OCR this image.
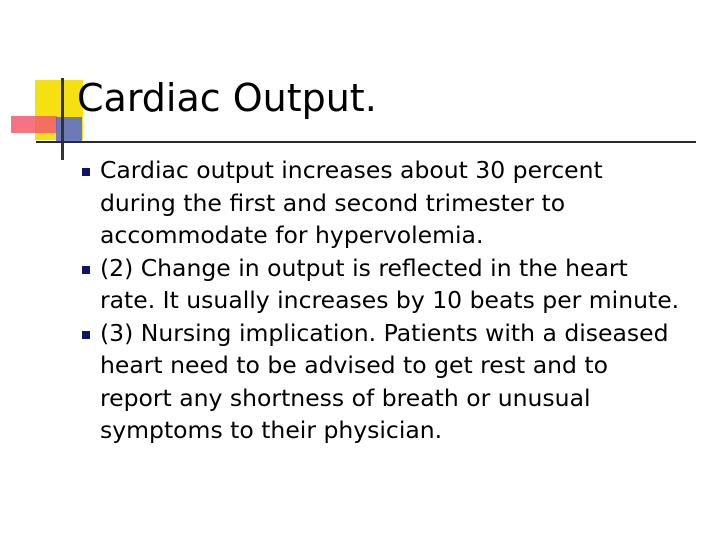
Cardiac Output.
Cardiac output increases about 30 percent during the first and second trimester to accommodate for hypervolemia.
(2) Change in output is reflected in the heart rate. It usually increases by 10 beats per minute.
(3) Nursing implication. Patients with a diseased heart need to be advised to get rest and to report any shortness of breath or unusual symptoms to their physician.
